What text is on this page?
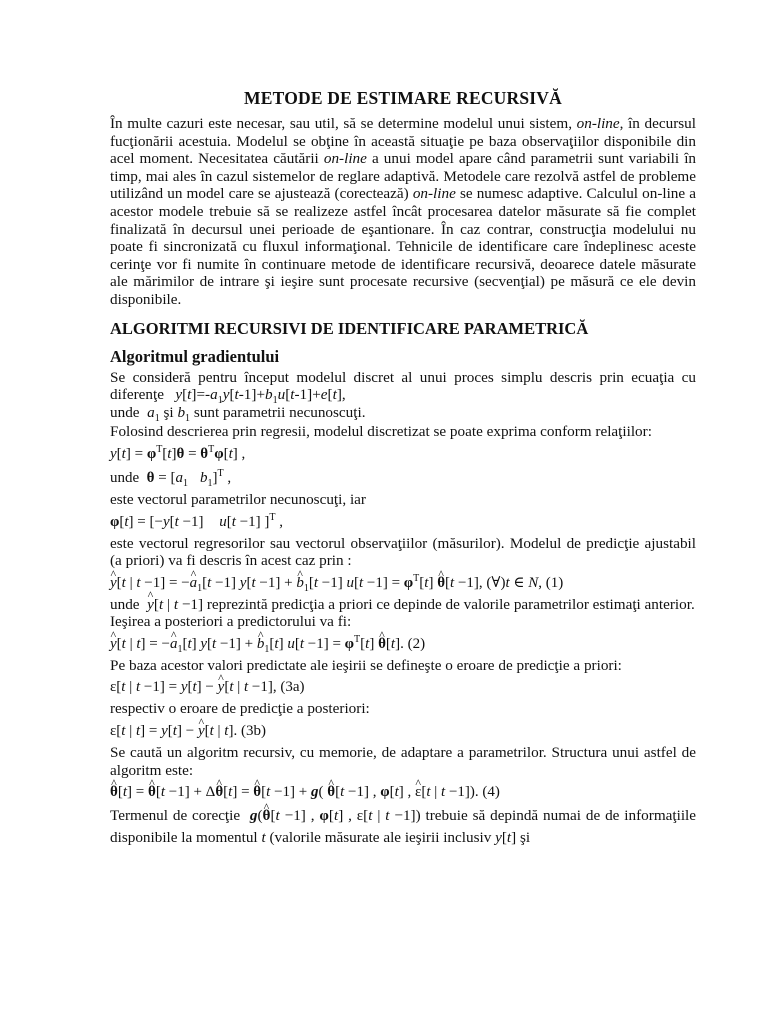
METODE DE ESTIMARE RECURSIVĂ

În multe cazuri este necesar, sau util, să se determine modelul unui sistem, on-line, în decursul fucţionării acestuia. Modelul se obţine în această situaţie pe baza observaţiilor disponibile din acel moment. Necesitatea căutării on-line a unui model apare când parametrii sunt variabili în timp, mai ales în cazul sistemelor de reglare adaptivă. Metodele care rezolvă astfel de probleme utilizând un model care se ajustează (corectează) on-line se numesc adaptive. Calculul on-line a acestor modele trebuie să se realizeze astfel încât procesarea datelor măsurate să fie complet finalizată în decursul unei perioade de eşantionare. În caz contrar, construcţia modelului nu poate fi sincronizată cu fluxul informaţional. Tehnicile de identificare care îndeplinesc aceste cerinţe vor fi numite în continuare metode de identificare recursivă, deoarece datele măsurate ale mărimilor de intrare şi ieşire sunt procesate recursive (secvenţial) pe măsură ce ele devin disponibile.

ALGORITMI RECURSIVI DE IDENTIFICARE PARAMETRICĂ
Algoritmul gradientului

Se consideră pentru început modelul discret al unui proces simplu descris prin ecuaţia cu diferenţe $y[t]=-a_1y[t-1]+b_1u[t-1]+e[t]$,

unde $a_1$ şi $b_1$ sunt parametrii necunoscuţi.

Folosind descrierea prin regresii, modelul discretizat se poate exprima conform relaţiilor:

$y[t] = \varphi^T[t]\theta = \theta^T\varphi[t]$ ,
unde $\theta = [a_1$ $b_1]^T$ ,

este vectorul parametrilor necunoscuţi, iar

φ[t] = [−y[t −1] u[t −1] ]$^T$ ,

este vectorul regresorilor sau vectorul observaţiilor (măsurilor). Modelul de predicţie ajustabil (a priori) va fi descris în acest caz prin :

^ y[t | t −1] = −^ $a_1[t -1]$ y[t −1] + ^ $b_1[t -1]$ $u[t -1] = \varphi^T[t]$ ^ θ[t −1], (∀)t ∈ N, (1)

unde  ^ y[t | t −1] reprezintă predicţia a priori ce depinde de valorile parametrilor estimaţi anterior. Ieşirea a posteriori a predictorului va fi:

^ y[t | t] = −^ $a_1[t]$ y[t −1] + ^ $b_1[t]$ $u[t -1] = \varphi^T[t]$ ^ θ[t]. (2)

Pe baza acestor valori predictate ale ieşirii se defineşte o eroare de predicţie a priori:

ε[t | t −1] = y[t] − ^ y[t | t −1], (3a)

respectiv o eroare de predicţie a posteriori:

ε[t | t] = y[t] − ^ y[t | t]. (3b)

Se caută un algoritm recursiv, cu memorie, de adaptare a parametrilor. Structura unui astfel de algoritm este:

^ θ[t] = ^ θ[t −1] + Δ^ θ[t] = ^ θ[t −1] + g( ^ θ[t −1] , φ[t] , ^ ε[t | t −1]). (4)

Termenul de corecţie g(^ θ[t −1] , φ[t] , ε[t | t −1]) trebuie să depindă numai de de informaţiile disponibile la momentul t (valorile măsurate ale ieşirii inclusiv y[t] şi
